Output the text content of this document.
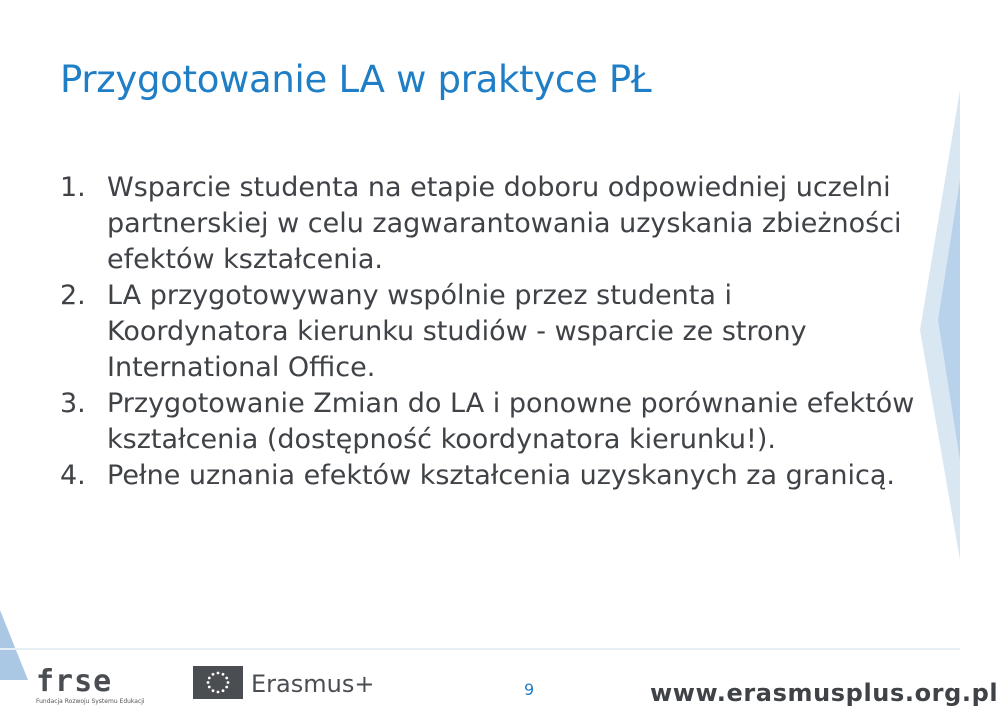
Przygotowanie LA w praktyce PŁ
1. Wsparcie studenta na etapie doboru odpowiedniej uczelni partnerskiej w celu zagwarantowania uzyskania zbieżności efektów kształcenia.
2. LA przygotowywany wspólnie przez studenta i Koordynatora kierunku studiów - wsparcie ze strony International Office.
3. Przygotowanie Zmian do LA i ponowne porównanie efektów kształcenia (dostępność koordynatora kierunku!).
4. Pełne uznania efektów kształcenia uzyskanych za granicą.
frse
Fundacja Rozwoju Systemu Edukacji
Erasmus+	9	www.erasmusplus.org.pl
